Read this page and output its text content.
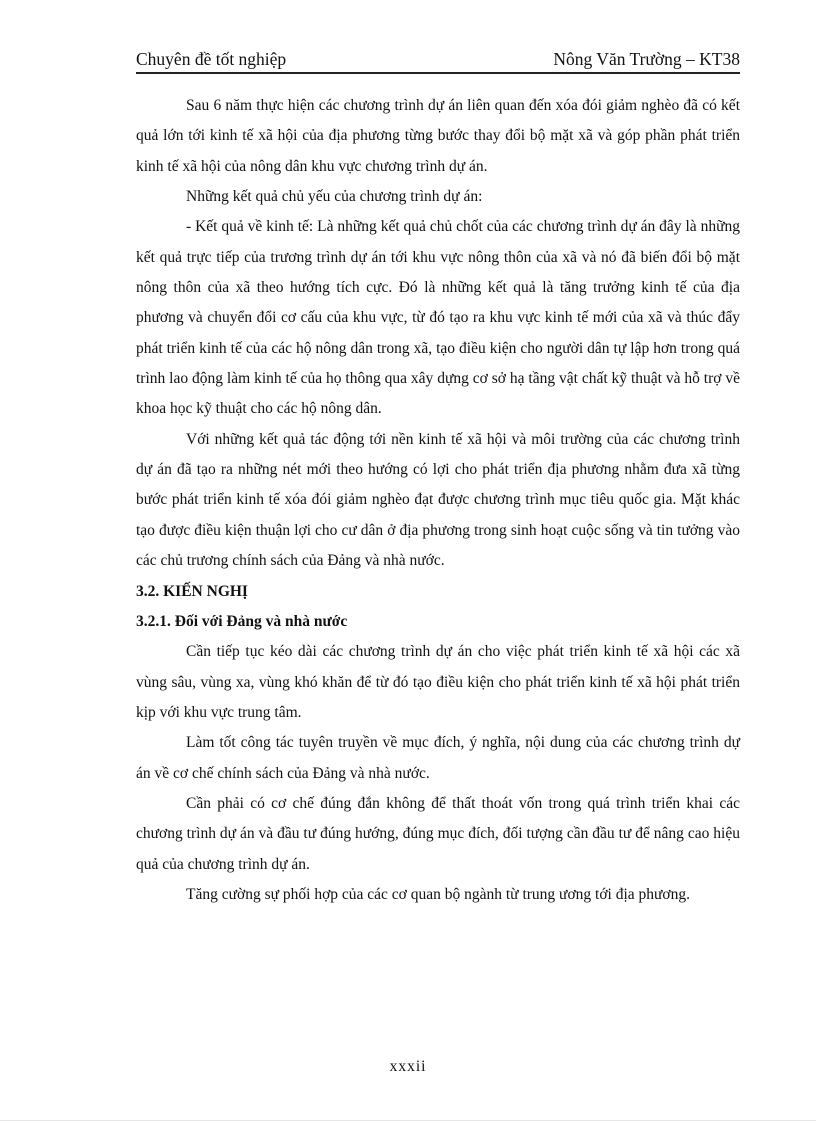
Chuyên đề tốt nghiệp	Nông Văn Trường – KT38

Sau 6 năm thực hiện các chương trình dự án liên quan đến xóa đói giảm nghèo đã có kết quả lớn tới kinh tế xã hội của địa phương từng bước thay đổi bộ mặt xã và góp phần phát triển kinh tế xã hội của nông dân khu vực chương trình dự án.

Những kết quả chủ yếu của chương trình dự án:

- Kết quả về kinh tế: Là những kết quả chủ chốt của các chương trình dự án đây là những kết quả trực tiếp của trương trình dự án tới khu vực nông thôn của xã và nó đã biến đổi bộ mặt nông thôn của xã theo hướng tích cực. Đó là những kết quả là tăng trưởng kinh tế của địa phương và chuyển đổi cơ cấu của khu vực, từ đó tạo ra khu vực kinh tế mới của xã và thúc đẩy phát triển kinh tế của các hộ nông dân trong xã, tạo điều kiện cho người dân tự lập hơn trong quá trình lao động làm kinh tế của họ thông qua xây dựng cơ sở hạ tầng vật chất kỹ thuật và hỗ trợ về khoa học kỹ thuật cho các hộ nông dân.

Với những kết quả tác động tới nền kinh tế xã hội và môi trường của các chương trình dự án đã tạo ra những nét mới theo hướng có lợi cho phát triển địa phương nhằm đưa xã từng bước phát triển kinh tế xóa đói giảm nghèo đạt được chương trình mục tiêu quốc gia. Mặt khác tạo được điều kiện thuận lợi cho cư dân ở địa phương trong sinh hoạt cuộc sống và tin tưởng vào các chủ trương chính sách của Đảng và nhà nước.

3.2. KIẾN NGHỊ

3.2.1. Đối với Đảng và nhà nước

Cần tiếp tục kéo dài các chương trình dự án cho việc phát triển kinh tế xã hội các xã vùng sâu, vùng xa, vùng khó khăn để từ đó tạo điều kiện cho phát triển kinh tế xã hội phát triển kịp với khu vực trung tâm.

Làm tốt công tác tuyên truyền về mục đích, ý nghĩa, nội dung của các chương trình dự án về cơ chế chính sách của Đảng và nhà nước.

Cần phải có cơ chế đúng đắn không để thất thoát vốn trong quá trình triển khai các chương trình dự án và đầu tư đúng hướng, đúng mục đích, đối tượng cần đầu tư để nâng cao hiệu quả của chương trình dự án.

Tăng cường sự phối hợp của các cơ quan bộ ngành từ trung ương tới địa phương.

xxxii
